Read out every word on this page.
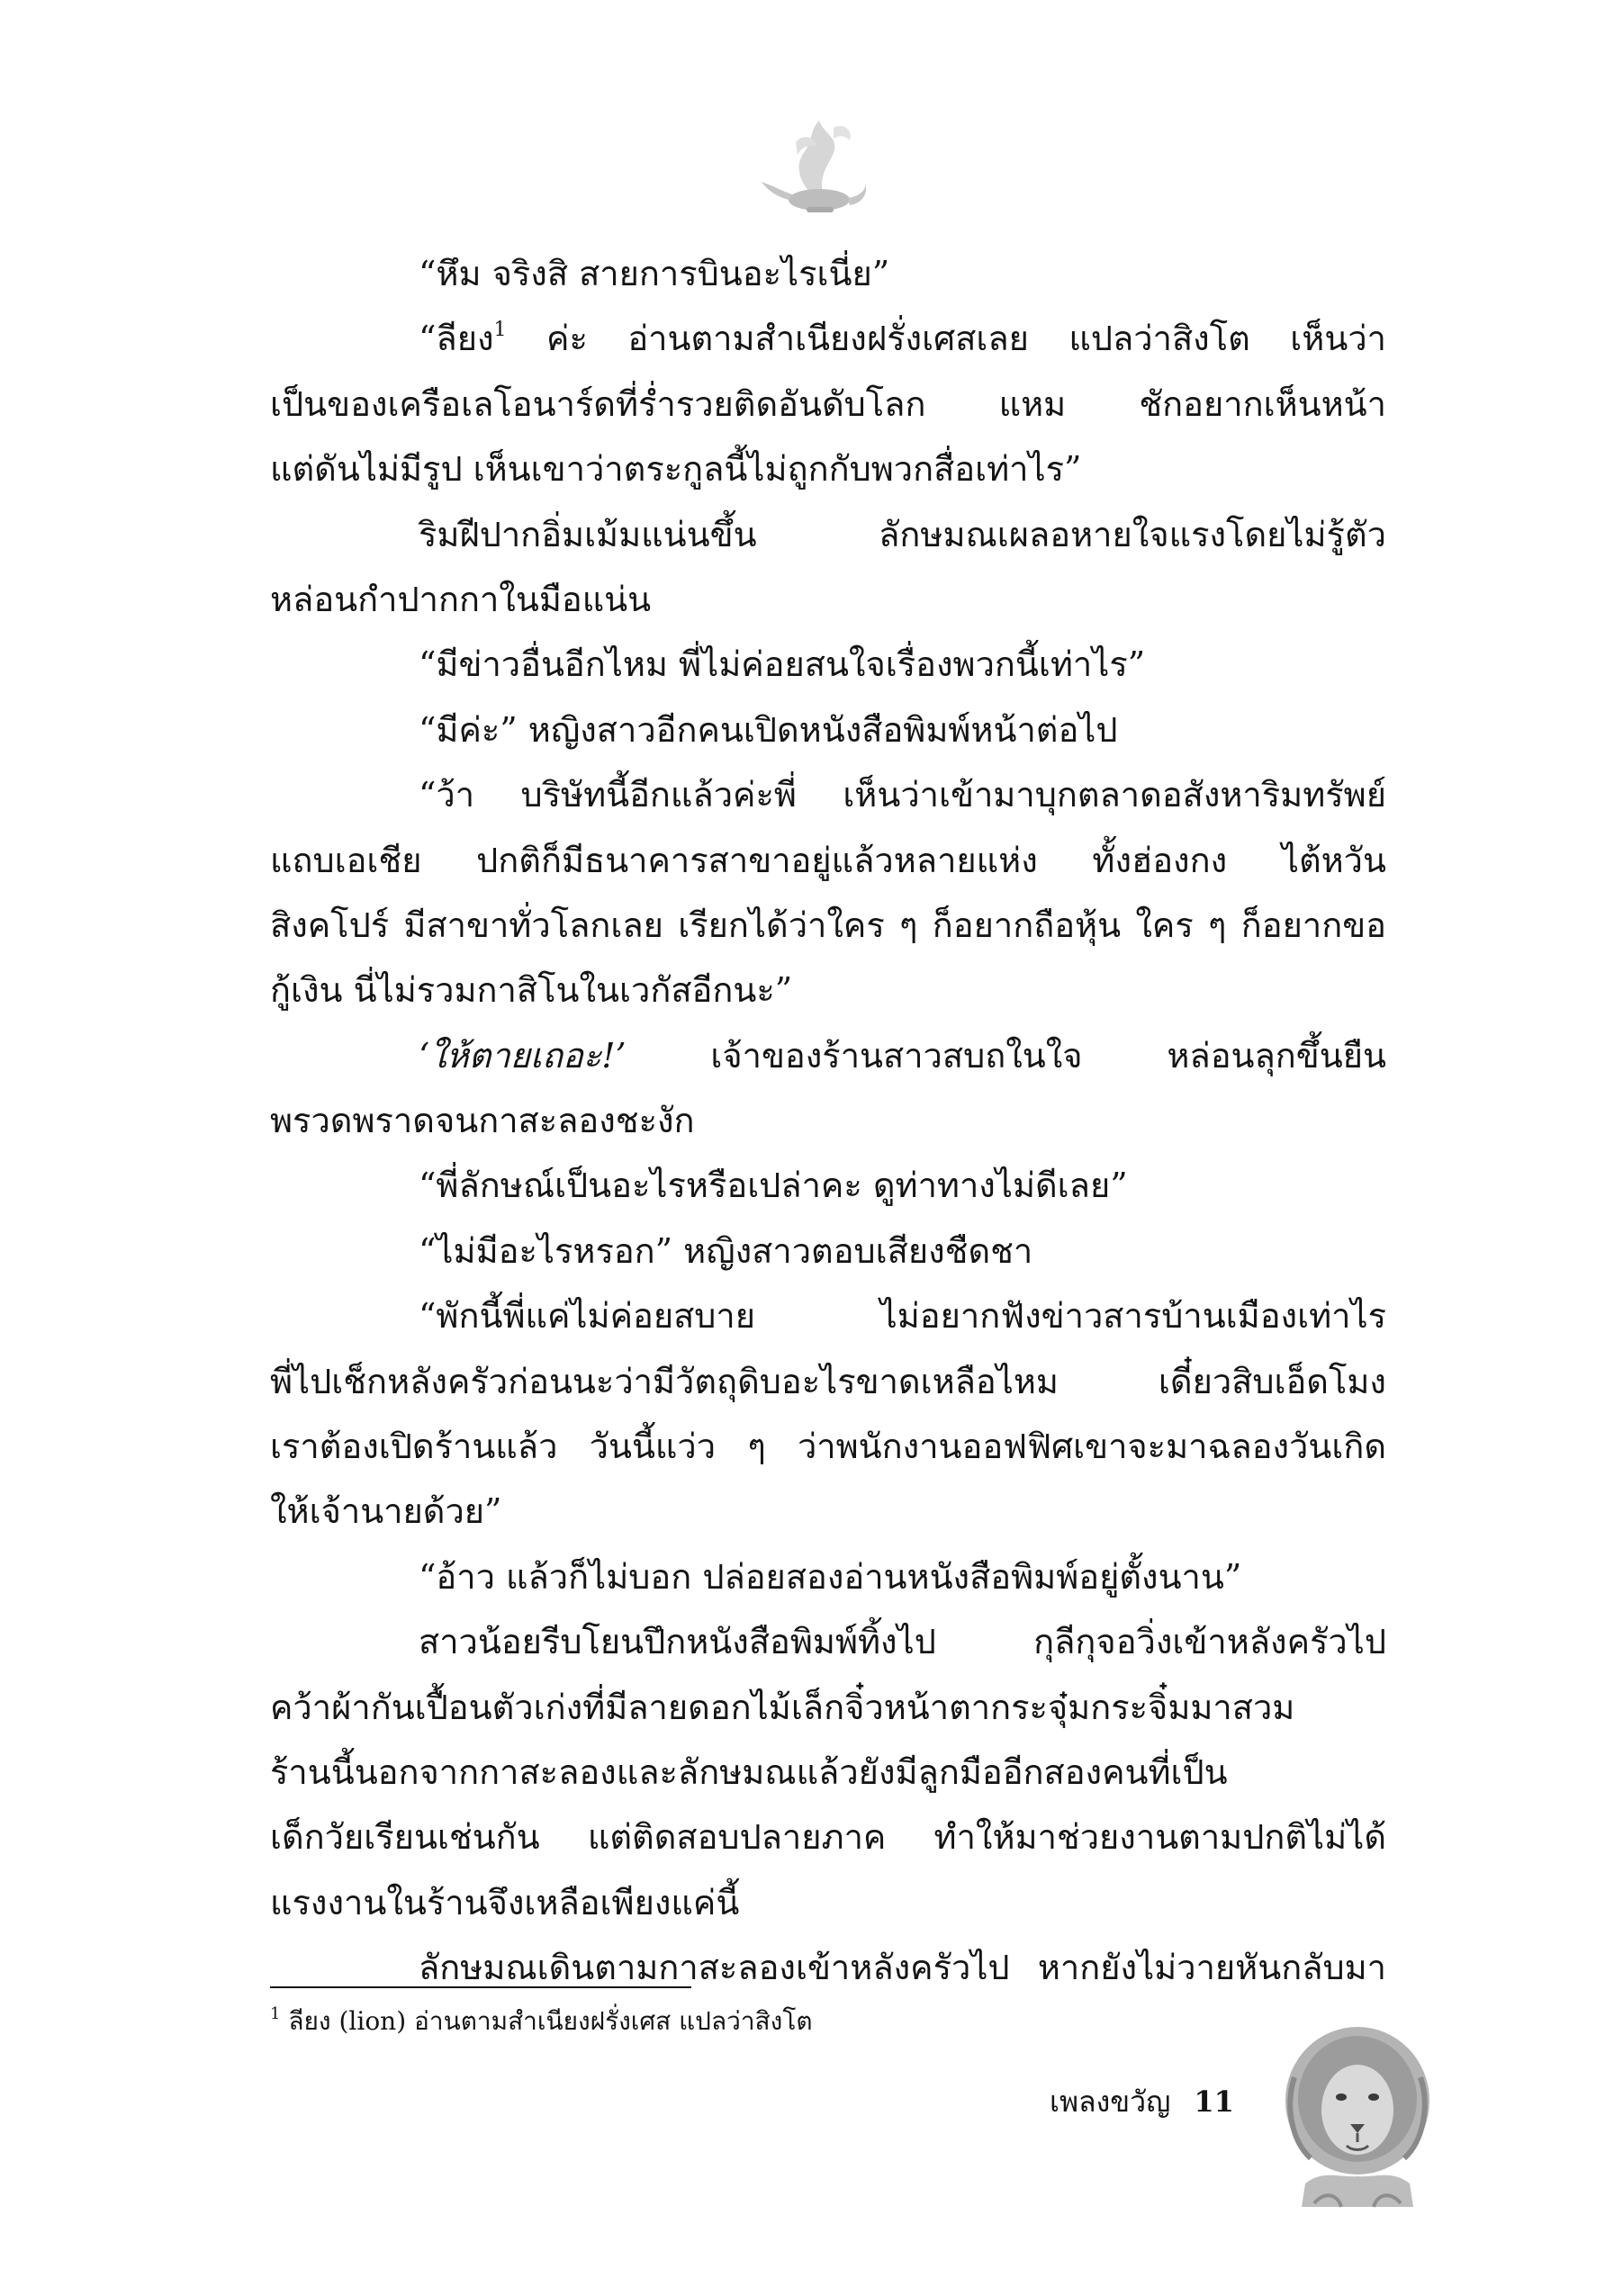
“หึม จริงสิ สายการบินอะไรเนี่ย”
“ลียง$^1$ ค่ะ อ่านตามสำเนียงฝรั่งเศสเลย แปลว่าสิงโต เห็นว่า
เป็นของเครือเลโอนาร์ดที่ร่ำรวยติดอันดับโลก แหม ชักอยากเห็นหน้า
แต่ดันไม่มีรูป เห็นเขาว่าตระกูลนี้ไม่ถูกกับพวกสื่อเท่าไร”
ริมฝีปากอิ่มเม้มแน่นขึ้น ลักษมณเผลอหายใจแรงโดยไม่รู้ตัว
หล่อนกำปากกาในมือแน่น
“มีข่าวอื่นอีกไหม พี่ไม่ค่อยสนใจเรื่องพวกนี้เท่าไร”
“มีค่ะ” หญิงสาวอีกคนเปิดหนังสือพิมพ์หน้าต่อไป
“ว้า บริษัทนี้อีกแล้วค่ะพี่ เห็นว่าเข้ามาบุกตลาดอสังหาริมทรัพย์
แถบเอเชีย ปกติก็มีธนาคารสาขาอยู่แล้วหลายแห่ง ทั้งฮ่องกง ไต้หวัน
สิงคโปร์ มีสาขาทั่วโลกเลย เรียกได้ว่าใคร ๆ ก็อยากถือหุ้น ใคร ๆ ก็อยากขอ
กู้เงิน นี่ไม่รวมกาสิโนในเวกัสอีกนะ”
‘ให้ตายเถอะ!’ เจ้าของร้านสาวสบถในใจ หล่อนลุกขึ้นยืน
พรวดพราดจนกาสะลองชะงัก
“พี่ลักษณ์เป็นอะไรหรือเปล่าคะ ดูท่าทางไม่ดีเลย”
“ไม่มีอะไรหรอก” หญิงสาวตอบเสียงชืดชา
“พักนี้พี่แค่ไม่ค่อยสบาย ไม่อยากฟังข่าวสารบ้านเมืองเท่าไร
พี่ไปเช็กหลังครัวก่อนนะว่ามีวัตถุดิบอะไรขาดเหลือไหม เดี๋ยวสิบเอ็ดโมง
เราต้องเปิดร้านแล้ว วันนี้แว่ว ๆ ว่าพนักงานออฟฟิศเขาจะมาฉลองวันเกิด
ให้เจ้านายด้วย”
“อ้าว แล้วก็ไม่บอก ปล่อยสองอ่านหนังสือพิมพ์อยู่ตั้งนาน”
สาวน้อยรีบโยนปึกหนังสือพิมพ์ทิ้งไป กุลีกุจอวิ่งเข้าหลังครัวไป
คว้าผ้ากันเปื้อนตัวเก่งที่มีลายดอกไม้เล็กจิ๋วหน้าตากระจุ๋มกระจิ๋มมาสวม
ร้านนี้นอกจากกาสะลองและลักษมณแล้วยังมีลูกมืออีกสองคนที่เป็น
เด็กวัยเรียนเช่นกัน แต่ติดสอบปลายภาค ทำให้มาช่วยงานตามปกติไม่ได้
แรงงานในร้านจึงเหลือเพียงแค่นี้
ลักษมณเดินตามกาสะลองเข้าหลังครัวไป หากยังไม่วายหันกลับมา
$^1$ ลียง (lion) อ่านตามสำเนียงฝรั่งเศส แปลว่าสิงโต
เพลงขวัญ 11
